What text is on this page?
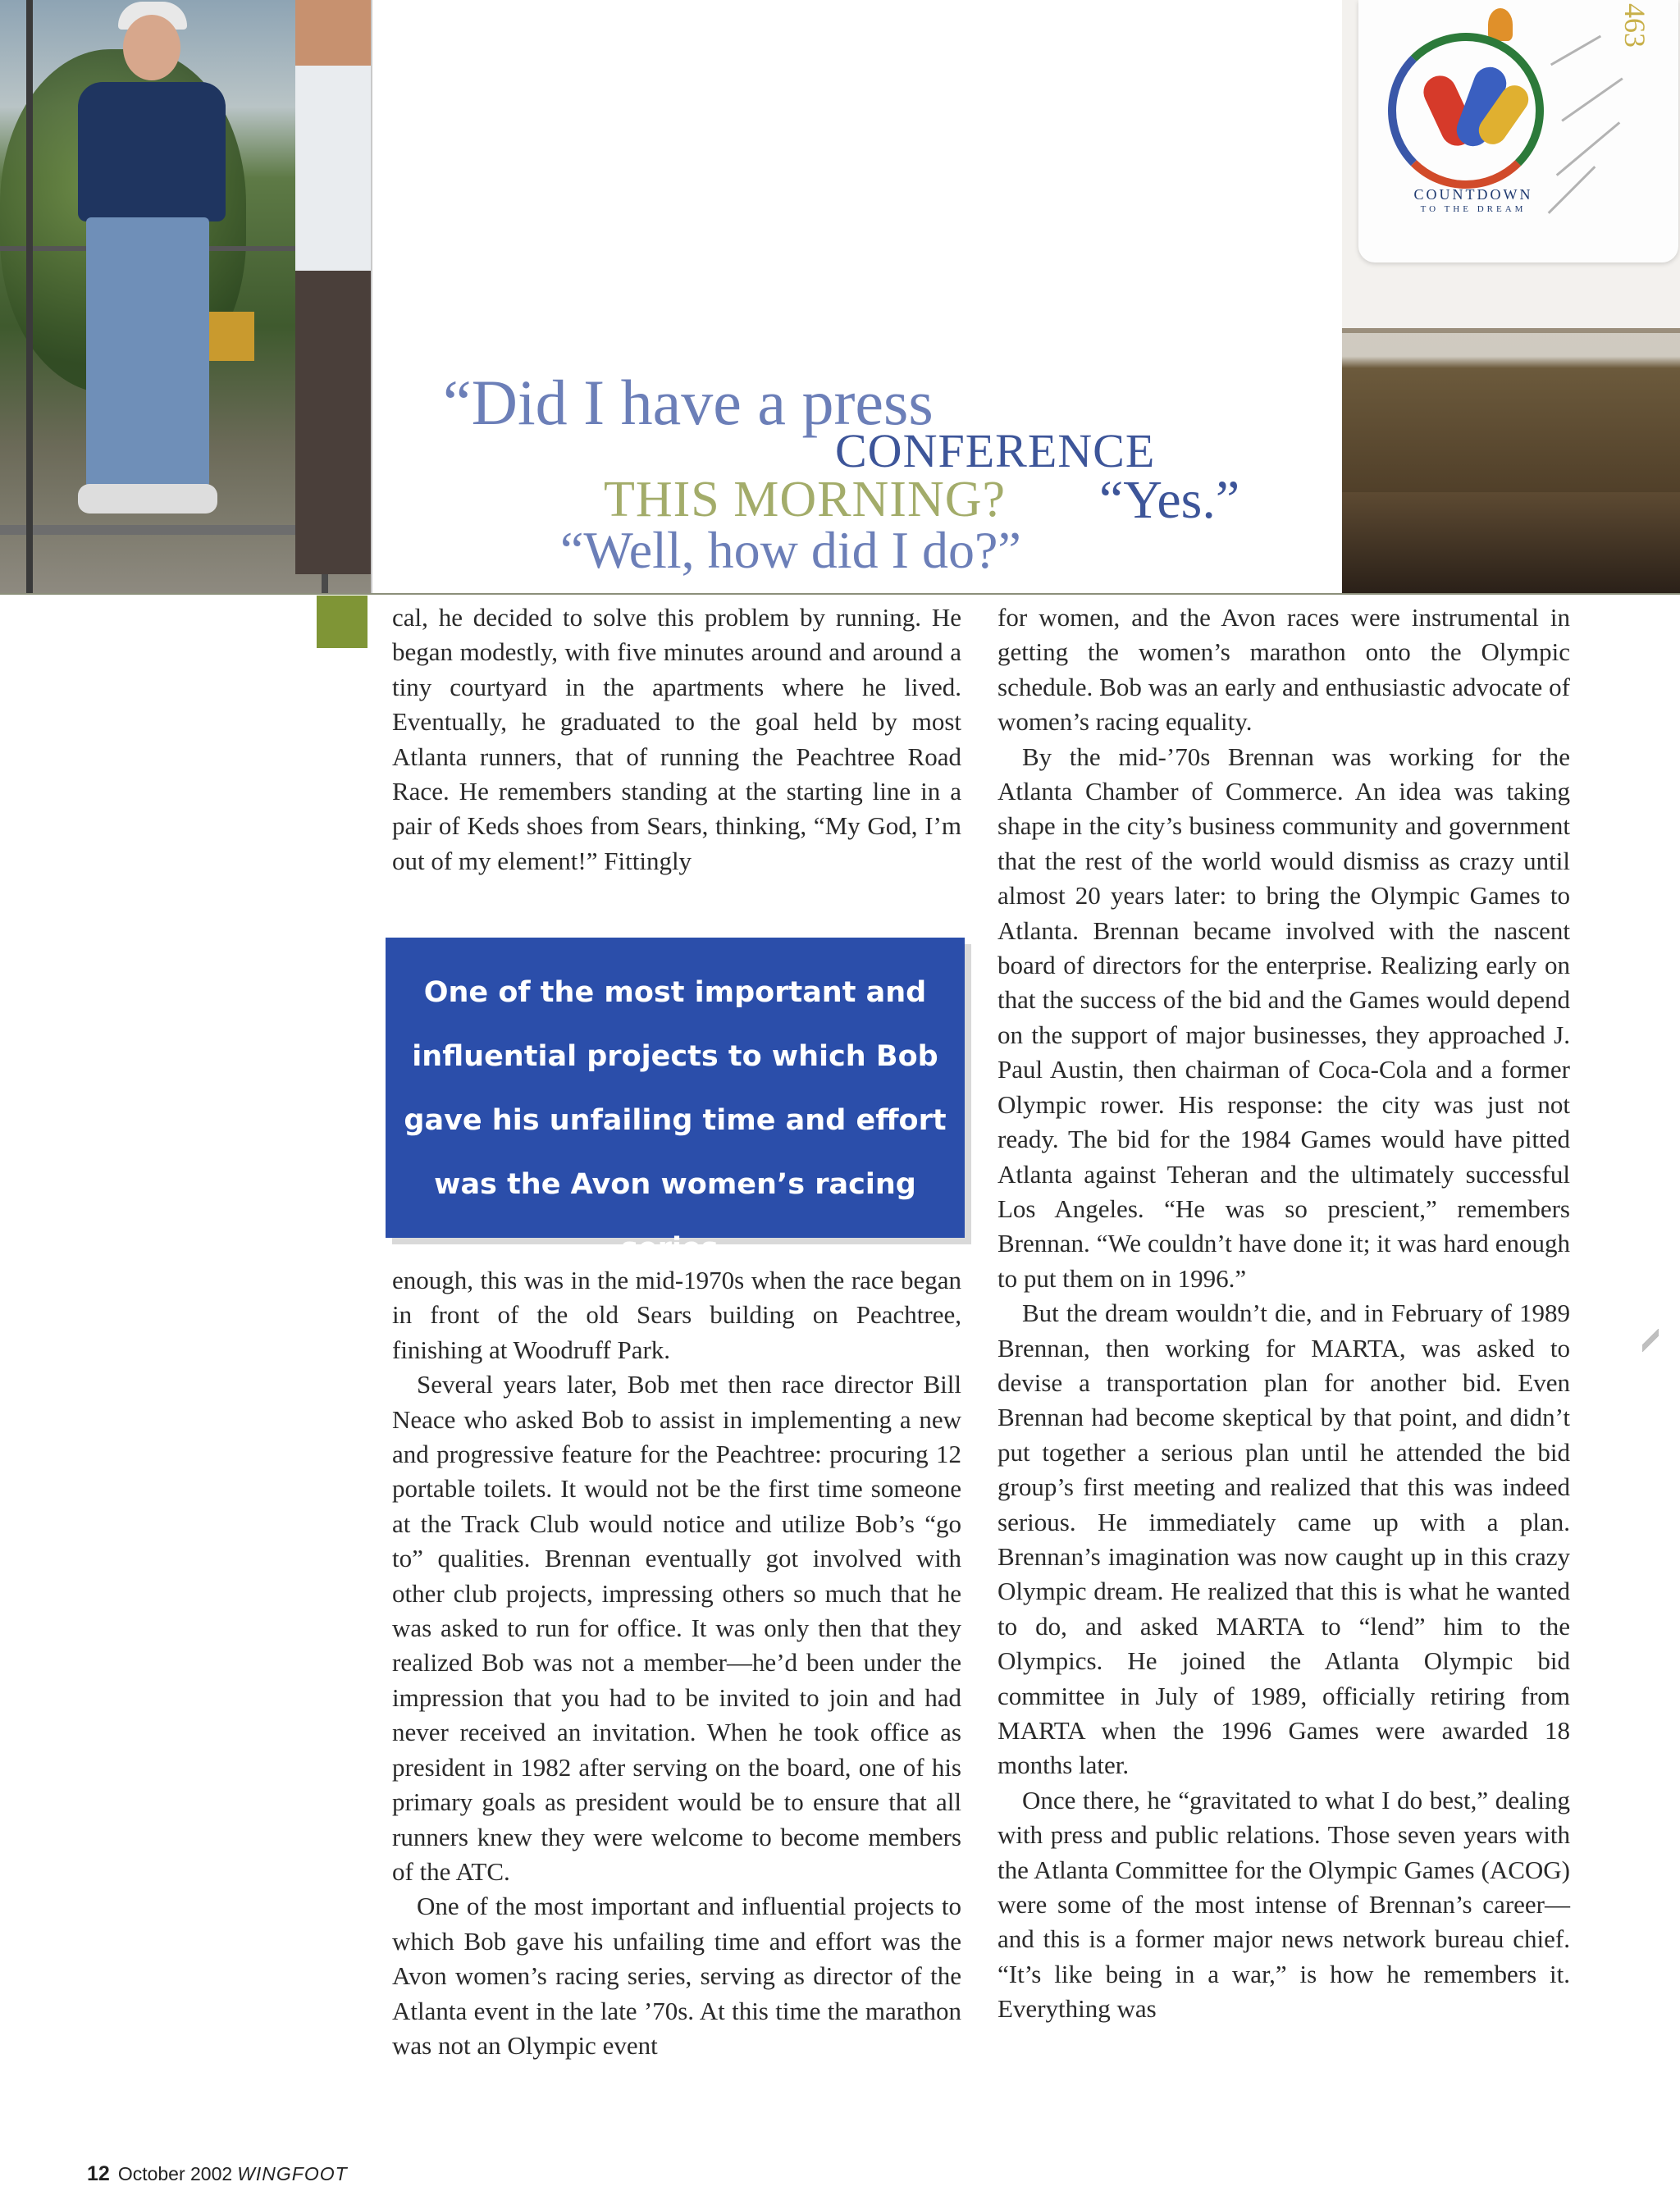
COUNTDOWN
TO THE DREAM
463
“Did I have a press
CONFERENCE
THIS MORNING? “Yes.”
“Well, how did I do?”

cal, he decided to solve this problem by running. He began modestly, with five minutes around and around a tiny courtyard in the apartments where he lived. Eventually, he graduated to the goal held by most Atlanta runners, that of running the Peachtree Road Race. He remembers standing at the starting line in a pair of Keds shoes from Sears, thinking, “My God, I’m out of my element!” Fittingly

One of the most important and influential projects to which Bob gave his unfailing time and effort was the Avon women’s racing series.

enough, this was in the mid-1970s when the race began in front of the old Sears building on Peachtree, finishing at Woodruff Park.

Several years later, Bob met then race director Bill Neace who asked Bob to assist in implementing a new and progressive feature for the Peachtree: procuring 12 portable toilets. It would not be the first time someone at the Track Club would notice and utilize Bob’s “go to” qualities. Brennan eventually got involved with other club projects, impressing others so much that he was asked to run for office. It was only then that they realized Bob was not a member—he’d been under the impression that you had to be invited to join and had never received an invitation. When he took office as president in 1982 after serving on the board, one of his primary goals as president would be to ensure that all runners knew they were welcome to become members of the ATC.

One of the most important and influential projects to which Bob gave his unfailing time and effort was the Avon women’s racing series, serving as director of the Atlanta event in the late ’70s. At this time the marathon was not an Olympic event

for women, and the Avon races were instrumental in getting the women’s marathon onto the Olympic schedule. Bob was an early and enthusiastic advocate of women’s racing equality.

By the mid-’70s Brennan was working for the Atlanta Chamber of Commerce. An idea was taking shape in the city’s business community and government that the rest of the world would dismiss as crazy until almost 20 years later: to bring the Olympic Games to Atlanta. Brennan became involved with the nascent board of directors for the enterprise. Realizing early on that the success of the bid and the Games would depend on the support of major businesses, they approached J. Paul Austin, then chairman of Coca-Cola and a former Olympic rower. His response: the city was just not ready. The bid for the 1984 Games would have pitted Atlanta against Teheran and the ultimately successful Los Angeles. “He was so prescient,” remembers Brennan. “We couldn’t have done it; it was hard enough to put them on in 1996.”

But the dream wouldn’t die, and in February of 1989 Brennan, then working for MARTA, was asked to devise a transportation plan for another bid. Even Brennan had become skeptical by that point, and didn’t put together a serious plan until he attended the bid group’s first meeting and realized that this was indeed serious. He immediately came up with a plan. Brennan’s imagination was now caught up in this crazy Olympic dream. He realized that this is what he wanted to do, and asked MARTA to “lend” him to the Olympics. He joined the Atlanta Olympic bid committee in July of 1989, officially retiring from MARTA when the 1996 Games were awarded 18 months later.

Once there, he “gravitated to what I do best,” dealing with press and public relations. Those seven years with the Atlanta Committee for the Olympic Games (ACOG) were some of the most intense of Brennan’s career—and this is a former major news network bureau chief. “It’s like being in a war,” is how he remembers it. Everything was

12 October 2002 WINGFOOT
